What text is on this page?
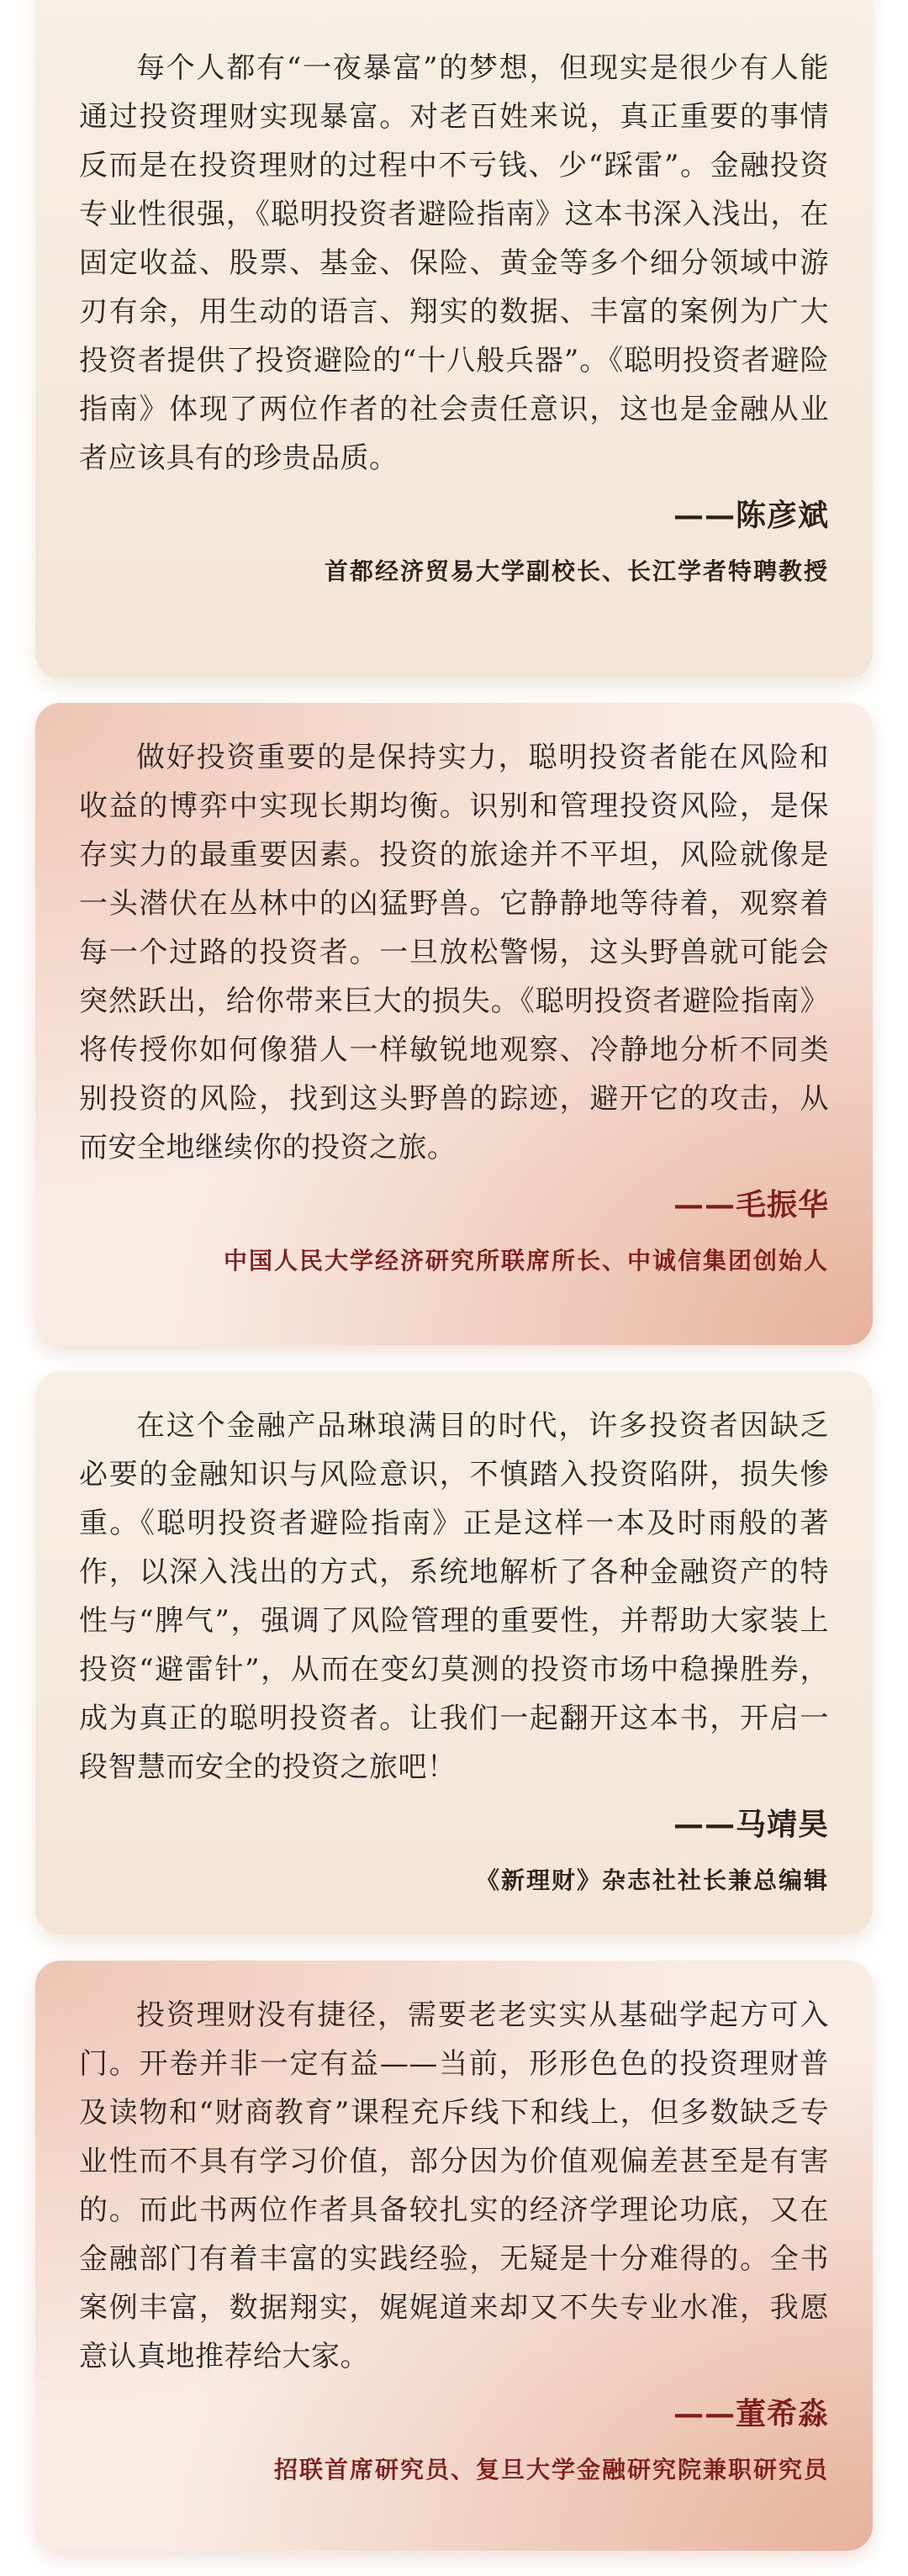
每个人都有“一夜暴富”的梦想，但现实是很少有人能通过投资理财实现暴富。对老百姓来说，真正重要的事情反而是在投资理财的过程中不亏钱、少“踩雷”。金融投资专业性很强，《聪明投资者避险指南》这本书深入浅出，在固定收益、股票、基金、保险、黄金等多个细分领域中游刃有余，用生动的语言、翔实的数据、丰富的案例为广大投资者提供了投资避险的“十八般兵器”。《聪明投资者避险指南》体现了两位作者的社会责任意识，这也是金融从业者应该具有的珍贵品质。

——陈彦斌
首都经济贸易大学副校长、长江学者特聘教授

做好投资重要的是保持实力，聪明投资者能在风险和收益的博弈中实现长期均衡。识别和管理投资风险，是保存实力的最重要因素。投资的旅途并不平坦，风险就像是一头潜伏在丛林中的凶猛野兽。它静静地等待着，观察着每一个过路的投资者。一旦放松警惕，这头野兽就可能会突然跃出，给你带来巨大的损失。《聪明投资者避险指南》将传授你如何像猎人一样敏锐地观察、冷静地分析不同类别投资的风险，找到这头野兽的踪迹，避开它的攻击，从而安全地继续你的投资之旅。

——毛振华
中国人民大学经济研究所联席所长、中诚信集团创始人

在这个金融产品琳琅满目的时代，许多投资者因缺乏必要的金融知识与风险意识，不慎踏入投资陷阱，损失惨重。《聪明投资者避险指南》正是这样一本及时雨般的著作，以深入浅出的方式，系统地解析了各种金融资产的特性与“脾气”，强调了风险管理的重要性，并帮助大家装上投资“避雷针”，从而在变幻莫测的投资市场中稳操胜券，成为真正的聪明投资者。让我们一起翻开这本书，开启一段智慧而安全的投资之旅吧！

——马靖昊
《新理财》杂志社社长兼总编辑

投资理财没有捷径，需要老老实实从基础学起方可入门。开卷并非一定有益——当前，形形色色的投资理财普及读物和“财商教育”课程充斥线下和线上，但多数缺乏专业性而不具有学习价值，部分因为价值观偏差甚至是有害的。而此书两位作者具备较扎实的经济学理论功底，又在金融部门有着丰富的实践经验，无疑是十分难得的。全书案例丰富，数据翔实，娓娓道来却又不失专业水准，我愿意认真地推荐给大家。

——董希淼
招联首席研究员、复旦大学金融研究院兼职研究员
